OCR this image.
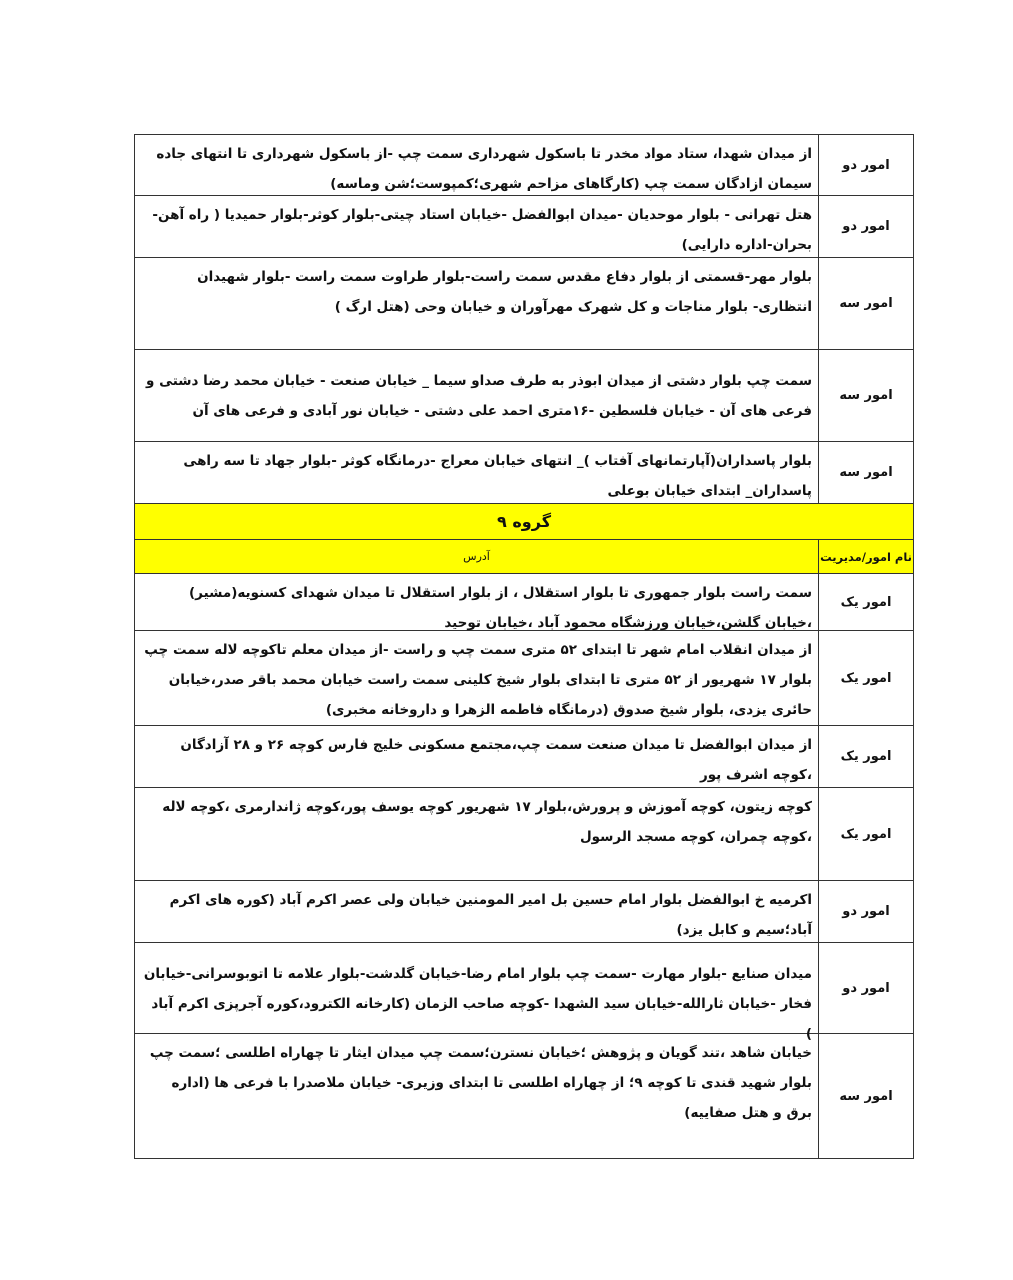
امور دو
از میدان شهدا، ستاد مواد مخدر تا باسکول شهرداری سمت چپ -از باسکول شهرداری تا انتهای جاده سیمان ازادگان سمت چپ (کارگاهای مزاحم شهری؛کمپوست؛شن وماسه)
امور دو
هتل تهرانی - بلوار موحدیان -میدان ابوالفضل -خیابان استاد چیتی-بلوار کوثر-بلوار حمیدیا ( راه آهن-بحران-اداره دارایی)
امور سه
بلوار مهر-قسمتی از بلوار دفاع مقدس سمت راست-بلوار طراوت سمت راست -بلوار شهیدان انتظاری- بلوار مناجات و کل شهرک مهرآوران و خیابان وحی (هتل ارگ )
امور سه
سمت چپ بلوار دشتی از میدان ابوذر به طرف صداو سیما _ خیابان صنعت - خیابان محمد رضا دشتی و فرعی های آن - خیابان فلسطین -۱۶متری احمد علی دشتی - خیابان نور آبادی و فرعی های آن
امور سه
بلوار پاسداران(آپارتمانهای آفتاب )_ انتهای خیابان معراج -درمانگاه کوثر -بلوار جهاد تا سه راهی پاسداران_ ابتدای خیابان بوعلی
گروه ۹
نام امور/مدیریت
آدرس
امور یک
سمت راست بلوار جمهوری تا بلوار استقلال ، از بلوار استقلال تا میدان شهدای کسنویه(مشیر) ،خیابان گلشن،خیابان ورزشگاه محمود آباد ،خیابان توحید
امور یک
از میدان انقلاب امام شهر تا ابتدای ۵۲ متری سمت چپ و راست -از میدان معلم تاکوچه لاله سمت چپ بلوار ۱۷ شهریور از ۵۲ متری تا ابتدای بلوار شیخ کلینی سمت راست خیابان محمد باقر صدر،خیابان حائری یزدی، بلوار شیخ صدوق (درمانگاه فاطمه الزهرا و داروخانه مخبری)
امور یک
از میدان ابوالفضل تا میدان صنعت سمت چپ،مجتمع مسکونی خلیج فارس کوچه ۲۶ و ۲۸ آزادگان ،کوچه اشرف پور
امور یک
کوچه زیتون، کوچه آموزش و پرورش،بلوار ۱۷ شهریور کوچه یوسف پور،کوچه ژاندارمری ،کوچه لاله ،کوچه چمران، کوچه مسجد الرسول
امور دو
اکرمیه خ ابوالفضل بلوار امام حسین بل امیر المومنین خیابان ولی عصر اکرم آباد (کوره های اکرم آباد؛سیم و کابل یزد)
امور دو
میدان صنایع -بلوار مهارت -سمت چپ بلوار امام رضا-خیابان گلدشت-بلوار علامه تا اتوبوسرانی-خیابان فخار -خیابان ثارالله-خیابان سید الشهدا -کوچه صاحب الزمان (کارخانه الکترود،کوره آجرپزی اکرم آباد )
امور سه
خیابان شاهد ،تند گویان و پژوهش ؛خیابان نسترن؛سمت چپ میدان ایثار تا چهاراه اطلسی ؛سمت چپ بلوار شهید قندی تا کوچه ۹؛ از چهاراه اطلسی تا ابتدای وزیری- خیابان ملاصدرا با فرعی ها (اداره برق و هتل صفاییه)
